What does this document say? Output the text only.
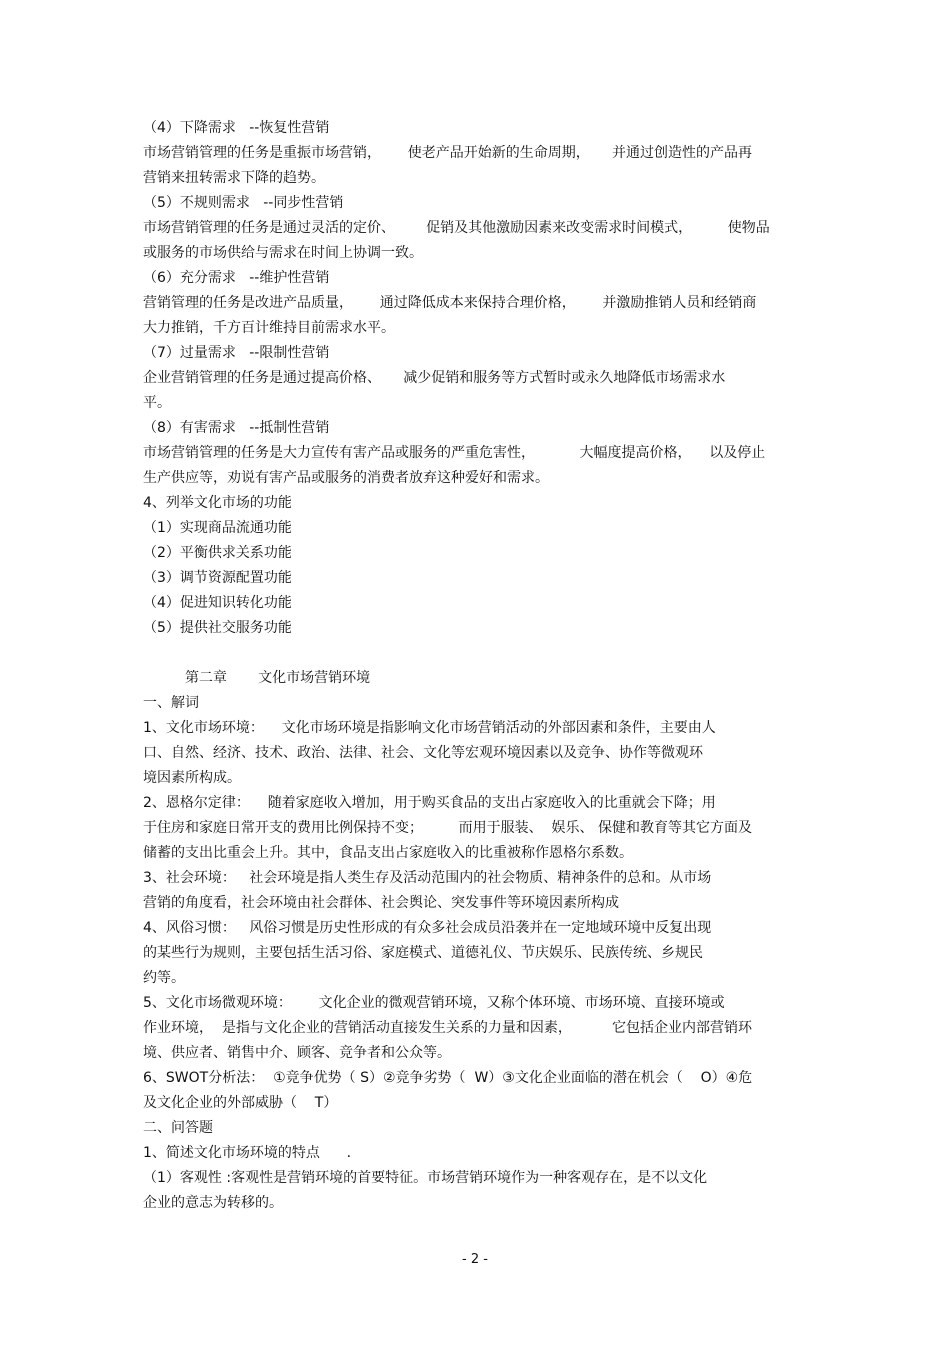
（4）下降需求   --恢复性营销
市场营销管理的任务是重振市场营销，      使老产品开始新的生命周期，     并通过创造性的产品再
营销来扭转需求下降的趋势。
（5）不规则需求   --同步性营销
市场营销管理的任务是通过灵活的定价、       促销及其他激励因素来改变需求时间模式，        使物品
或服务的市场供给与需求在时间上协调一致。
（6）充分需求   --维护性营销
营销管理的任务是改进产品质量，      通过降低成本来保持合理价格，      并激励推销人员和经销商
大力推销，千方百计维持目前需求水平。
（7）过量需求   --限制性营销
企业营销管理的任务是通过提高价格、     减少促销和服务等方式暂时或永久地降低市场需求水
平。
（8）有害需求   --抵制性营销
市场营销管理的任务是大力宣传有害产品或服务的严重危害性，          大幅度提高价格，    以及停止
生产供应等，劝说有害产品或服务的消费者放弃这种爱好和需求。
4、列举文化市场的功能
（1）实现商品流通功能
（2）平衡供求关系功能
（3）调节资源配置功能
（4）促进知识转化功能
（5）提供社交服务功能
第二章       文化市场营销环境
一、解词
1、文化市场环境：    文化市场环境是指影响文化市场营销活动的外部因素和条件，主要由人
口、自然、经济、技术、政治、法律、社会、文化等宏观环境因素以及竞争、协作等微观环
境因素所构成。
2、恩格尔定律：    随着家庭收入增加，用于购买食品的支出占家庭收入的比重就会下降；用
于住房和家庭日常开支的费用比例保持不变；        而用于服装、  娱乐、 保健和教育等其它方面及
储蓄的支出比重会上升。其中，食品支出占家庭收入的比重被称作恩格尔系数。
3、社会环境：   社会环境是指人类生存及活动范围内的社会物质、精神条件的总和。从市场
营销的角度看，社会环境由社会群体、社会舆论、突发事件等环境因素所构成
4、风俗习惯：   风俗习惯是历史性形成的有众多社会成员沿袭并在一定地域环境中反复出现
的某些行为规则，主要包括生活习俗、家庭模式、道德礼仪、节庆娱乐、民族传统、乡规民
约等。
5、文化市场微观环境：      文化企业的微观营销环境，又称个体环境、市场环境、直接环境或
作业环境，  是指与文化企业的营销活动直接发生关系的力量和因素，         它包括企业内部营销环
境、供应者、销售中介、顾客、竞争者和公众等。
6、SWOT分析法：  ①竞争优势（ S）②竞争劣势（  W）③文化企业面临的潜在机会（    O）④危
及文化企业的外部威胁（    T）
二、问答题
1、简述文化市场环境的特点      .
（1）客观性 :客观性是营销环境的首要特征。市场营销环境作为一种客观存在，是不以文化
企业的意志为转移的。
- 2 -
